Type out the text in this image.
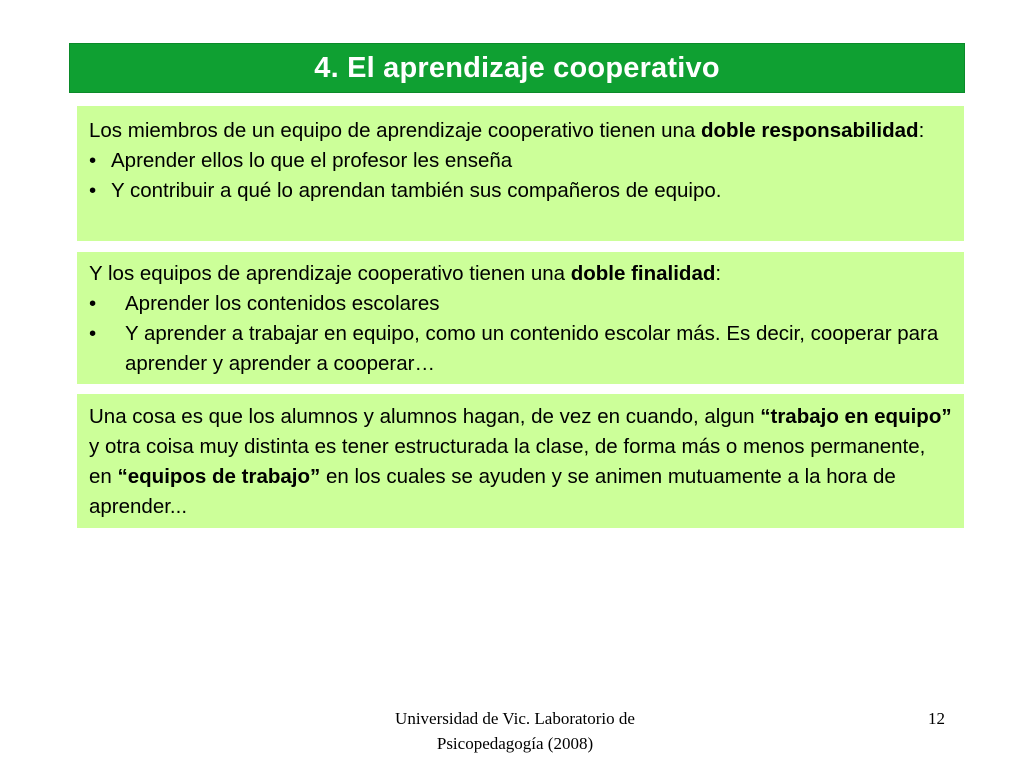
4. El aprendizaje cooperativo

Los miembros de un equipo de aprendizaje cooperativo tienen una doble responsabilidad:

• Aprender ellos lo que el profesor les enseña
• Y contribuir a qué lo aprendan también sus compañeros de equipo.

Y los equipos de aprendizaje cooperativo tienen una doble finalidad:

•	Aprender los contenidos escolares
•	Y aprender a trabajar en equipo, como un contenido escolar más. Es decir, cooperar para aprender y aprender a cooperar…

Una cosa es que los alumnos y alumnos hagan, de vez en cuando, algun “trabajo en equipo” y otra coisa muy distinta es tener estructurada la clase, de forma más o menos permanente, en “equipos de trabajo” en los cuales se ayuden y se animen mutuamente a la hora de aprender...

Universidad de Vic. Laboratorio de
Psicopedagogía (2008)
12
